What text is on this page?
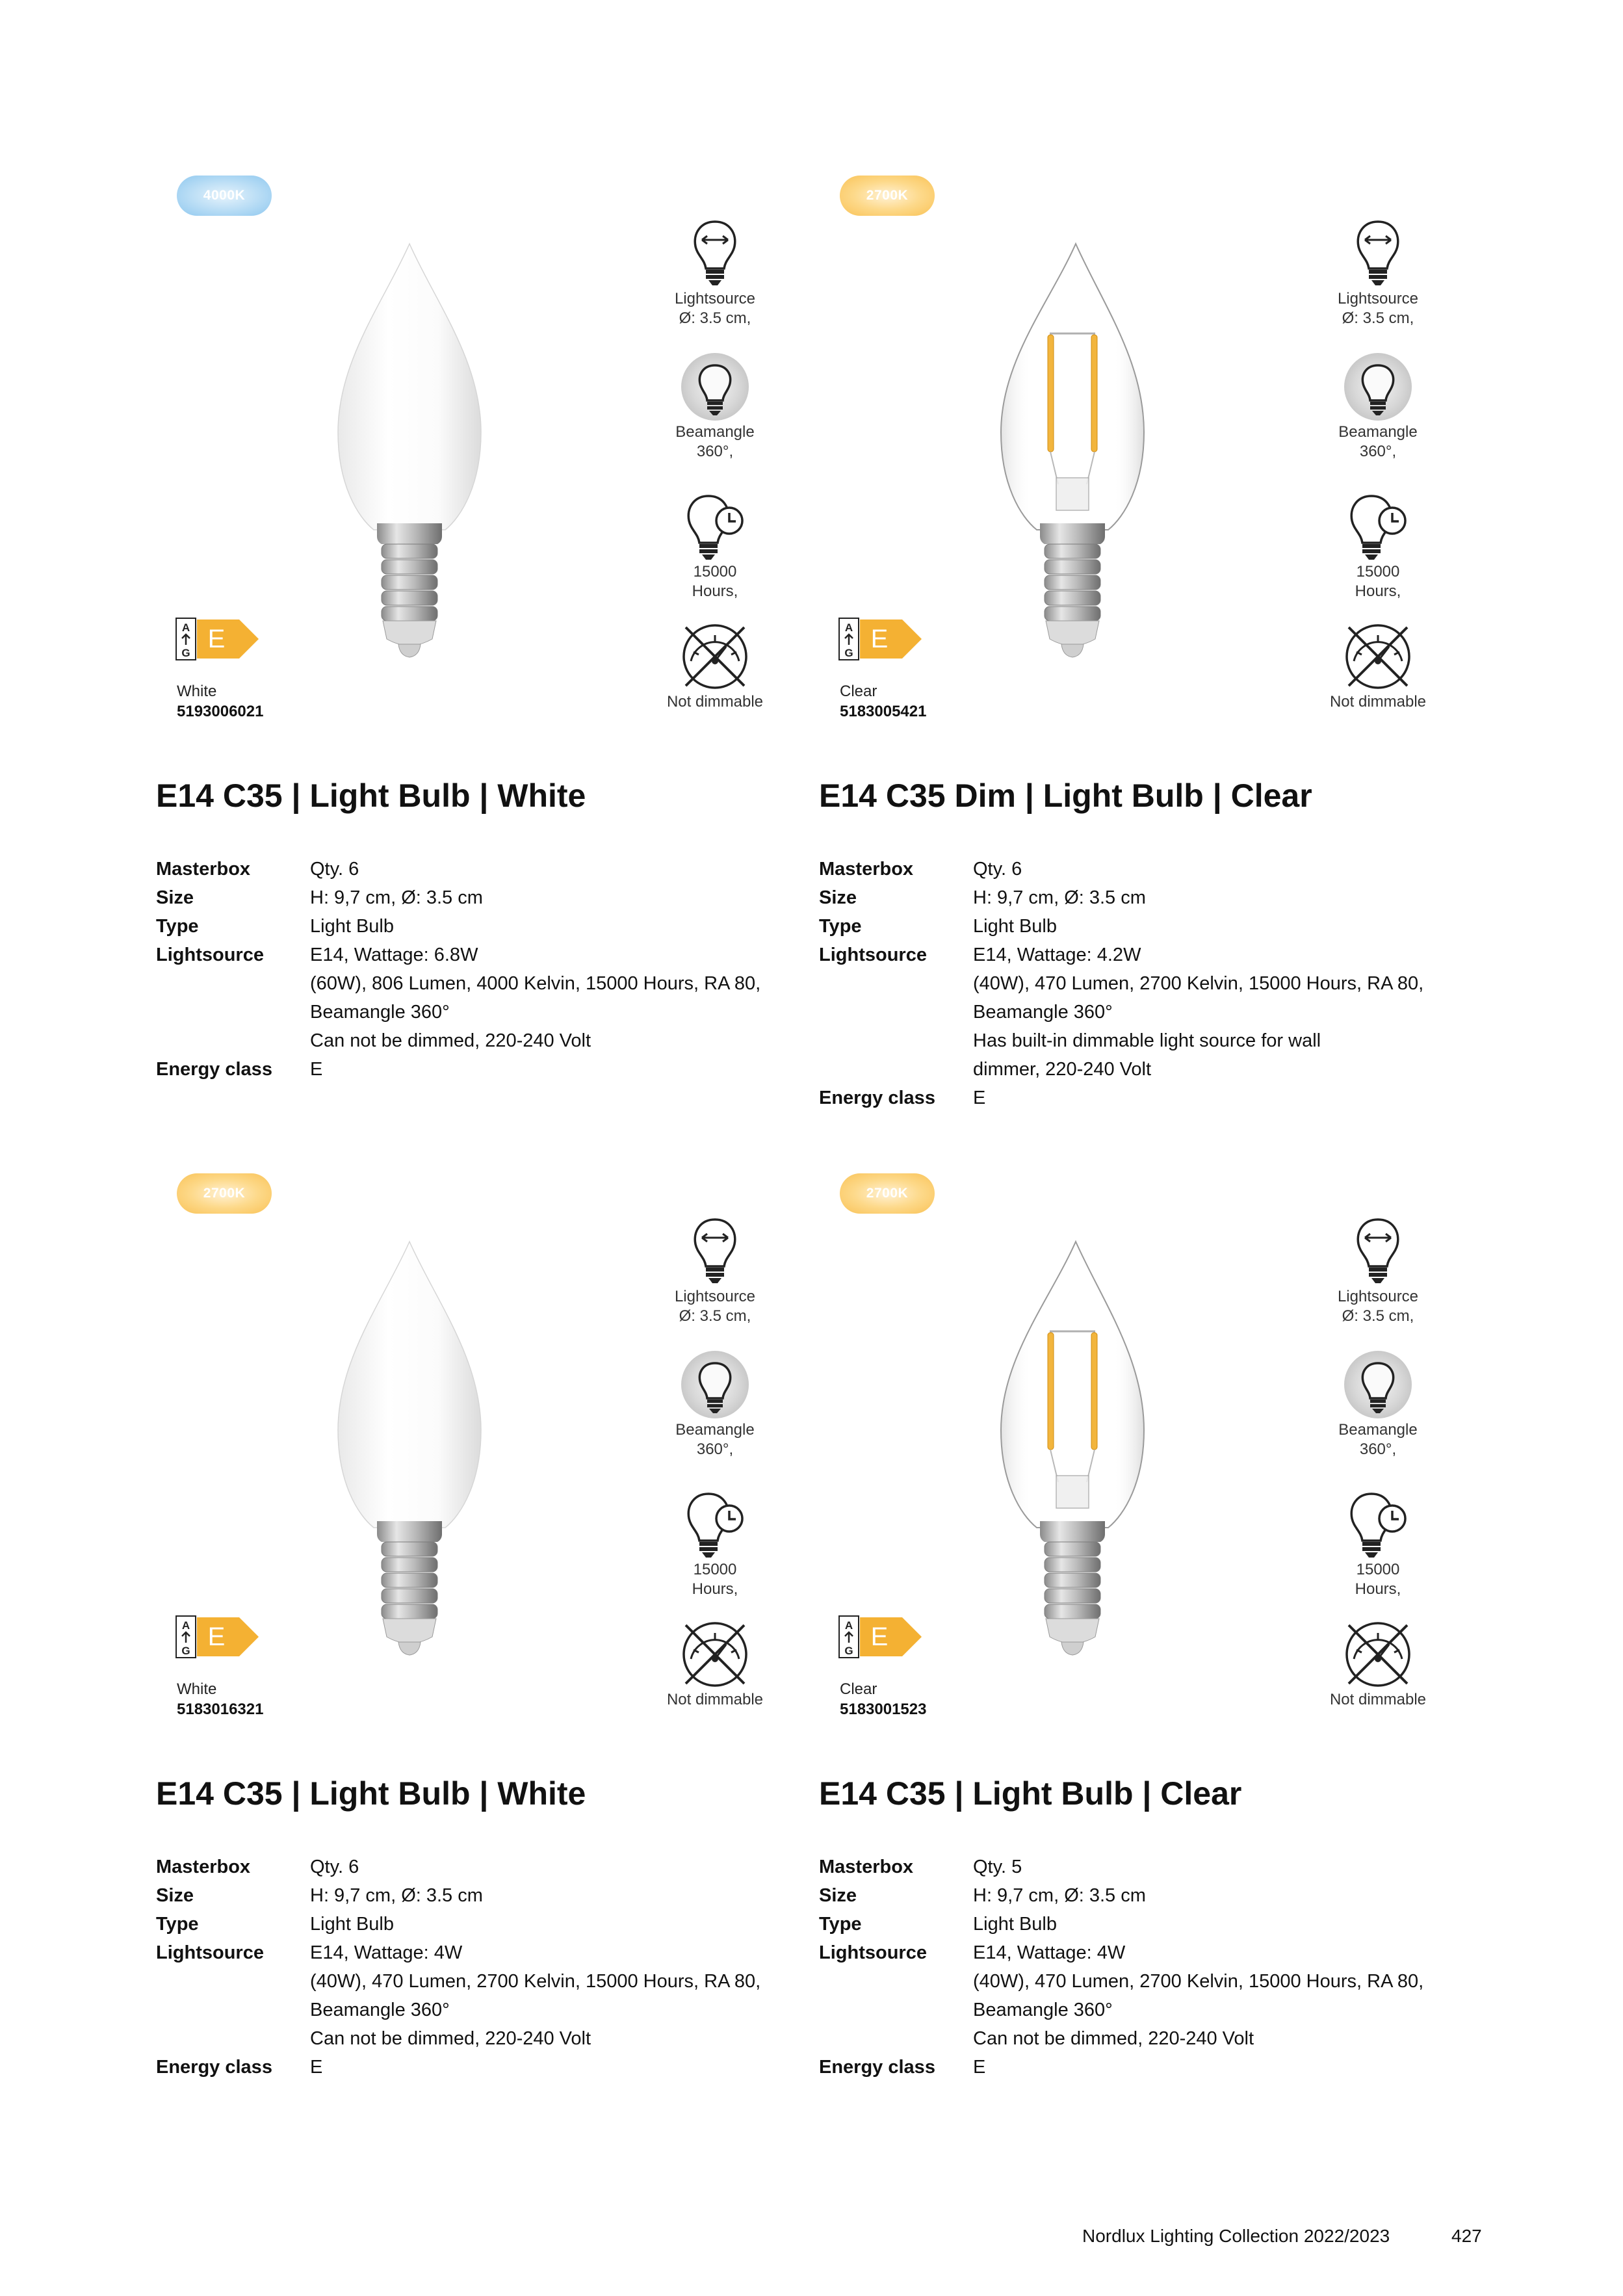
4000K
Lightsource
Ø: 3.5 cm,
Beamangle
360°,
15000
Hours,
Not dimmable
A
G E
White
5193006021
E14 C35 | Light Bulb | White
Masterbox	Qty. 6
Size	H: 9,7 cm, Ø: 3.5 cm
Type	Light Bulb
Lightsource	E14, Wattage: 6.8W
(60W), 806 Lumen, 4000 Kelvin, 15000 Hours, RA 80,
Beamangle 360°
Can not be dimmed, 220-240 Volt
Energy class	E
2700K
Lightsource
Ø: 3.5 cm,
Beamangle
360°,
15000
Hours,
Not dimmable
A
G E
Clear
5183005421
E14 C35 Dim | Light Bulb | Clear
Masterbox	Qty. 6
Size	H: 9,7 cm, Ø: 3.5 cm
Type	Light Bulb
Lightsource	E14, Wattage: 4.2W
(40W), 470 Lumen, 2700 Kelvin, 15000 Hours, RA 80,
Beamangle 360°
Has built-in dimmable light source for wall
dimmer, 220-240 Volt
Energy class	E
2700K
Lightsource
Ø: 3.5 cm,
Beamangle
360°,
15000
Hours,
Not dimmable
A
G E
White
5183016321
E14 C35 | Light Bulb | White
Masterbox	Qty. 6
Size	H: 9,7 cm, Ø: 3.5 cm
Type	Light Bulb
Lightsource	E14, Wattage: 4W
(40W), 470 Lumen, 2700 Kelvin, 15000 Hours, RA 80,
Beamangle 360°
Can not be dimmed, 220-240 Volt
Energy class	E
2700K
Lightsource
Ø: 3.5 cm,
Beamangle
360°,
15000
Hours,
Not dimmable
A
G E
Clear
5183001523
E14 C35 | Light Bulb | Clear
Masterbox	Qty. 5
Size	H: 9,7 cm, Ø: 3.5 cm
Type	Light Bulb
Lightsource	E14, Wattage: 4W
(40W), 470 Lumen, 2700 Kelvin, 15000 Hours, RA 80,
Beamangle 360°
Can not be dimmed, 220-240 Volt
Energy class	E
Nordlux Lighting Collection 2022/2023	427
